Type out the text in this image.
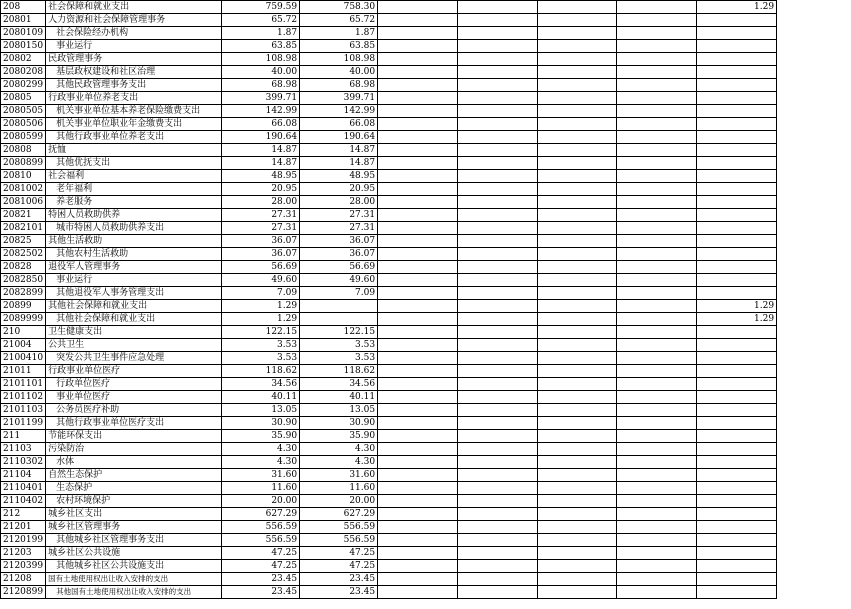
208	社会保障和就业支出	759.59	758.30					1.29
20801	人力资源和社会保障管理事务	65.72	65.72					
2080109	社会保险经办机构	1.87	1.87					
2080150	事业运行	63.85	63.85					
20802	民政管理事务	108.98	108.98					
2080208	基层政权建设和社区治理	40.00	40.00					
2080299	其他民政管理事务支出	68.98	68.98					
20805	行政事业单位养老支出	399.71	399.71					
2080505	机关事业单位基本养老保险缴费支出	142.99	142.99					
2080506	机关事业单位职业年金缴费支出	66.08	66.08					
2080599	其他行政事业单位养老支出	190.64	190.64					
20808	抚恤	14.87	14.87					
2080899	其他优抚支出	14.87	14.87					
20810	社会福利	48.95	48.95					
2081002	老年福利	20.95	20.95					
2081006	养老服务	28.00	28.00					
20821	特困人员救助供养	27.31	27.31					
2082101	城市特困人员救助供养支出	27.31	27.31					
20825	其他生活救助	36.07	36.07					
2082502	其他农村生活救助	36.07	36.07					
20828	退役军人管理事务	56.69	56.69					
2082850	事业运行	49.60	49.60					
2082899	其他退役军人事务管理支出	7.09	7.09					
20899	其他社会保障和就业支出	1.29						1.29
2089999	其他社会保障和就业支出	1.29						1.29
210	卫生健康支出	122.15	122.15					
21004	公共卫生	3.53	3.53					
2100410	突发公共卫生事件应急处理	3.53	3.53					
21011	行政事业单位医疗	118.62	118.62					
2101101	行政单位医疗	34.56	34.56					
2101102	事业单位医疗	40.11	40.11					
2101103	公务员医疗补助	13.05	13.05					
2101199	其他行政事业单位医疗支出	30.90	30.90					
211	节能环保支出	35.90	35.90					
21103	污染防治	4.30	4.30					
2110302	水体	4.30	4.30					
21104	自然生态保护	31.60	31.60					
2110401	生态保护	11.60	11.60					
2110402	农村环境保护	20.00	20.00					
212	城乡社区支出	627.29	627.29					
21201	城乡社区管理事务	556.59	556.59					
2120199	其他城乡社区管理事务支出	556.59	556.59					
21203	城乡社区公共设施	47.25	47.25					
2120399	其他城乡社区公共设施支出	47.25	47.25					
21208	国有土地使用权出让收入安排的支出	23.45	23.45					
2120899	其他国有土地使用权出让收入安排的支出	23.45	23.45					
